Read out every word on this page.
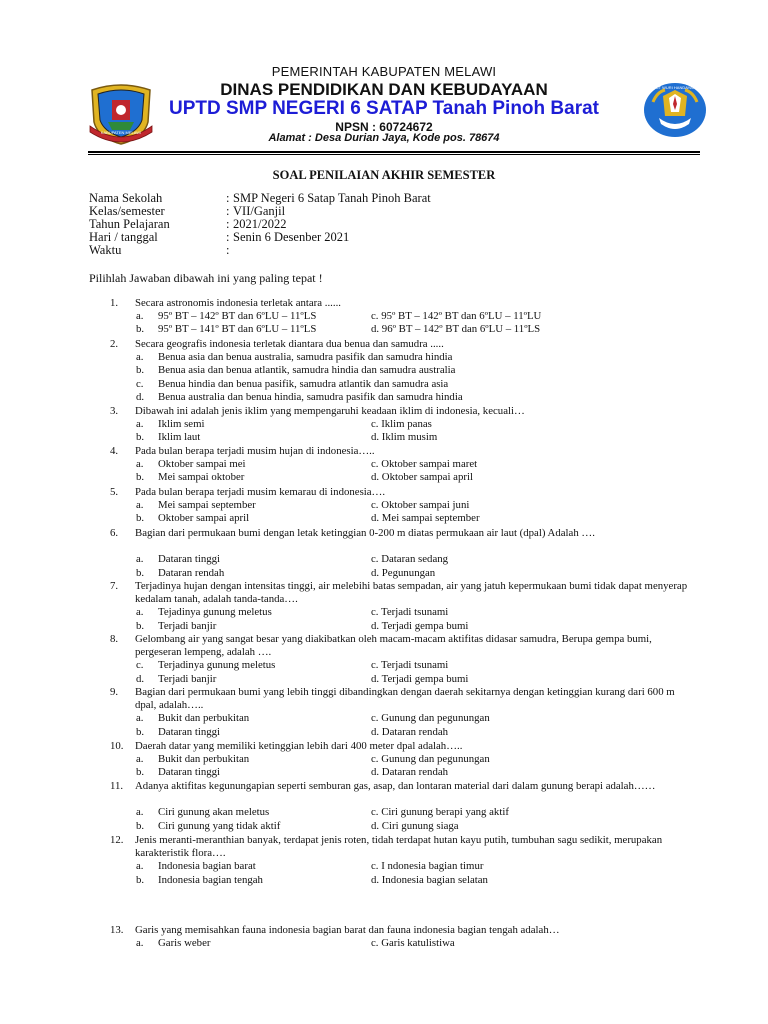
KABUPATEN MELAWI
TUT WURI HANDAYANI
PEMERINTAH KABUPATEN MELAWI
DINAS PENDIDIKAN DAN KEBUDAYAAN
UPTD SMP NEGERI 6 SATAP Tanah Pinoh Barat
NPSN : 60724672
Alamat : Desa Durian Jaya, Kode pos. 78674
SOAL PENILAIAN AKHIR SEMESTER
Nama Sekolah	: SMP Negeri 6 Satap Tanah Pinoh Barat
Kelas/semester	: VII/Ganjil
Tahun Pelajaran	: 2021/2022
Hari / tanggal	: Senin 6 Desenber 2021
Waktu	:
Pilihlah Jawaban dibawah ini yang paling tepat !
1. Secara astronomis indonesia terletak antara ......
a. 95º BT – 142º BT dan 6ºLU – 11ºLS	c. 95º BT – 142º BT dan 6ºLU – 11ºLU
b. 95º BT – 141º BT dan 6ºLU – 11ºLS	d. 96º BT – 142º BT dan 6ºLU – 11ºLS
2. Secara geografis indonesia terletak diantara dua benua dan samudra .....
a. Benua asia dan benua australia, samudra pasifik dan samudra hindia
b. Benua asia dan benua atlantik, samudra hindia dan samudra australia
c. Benua hindia dan benua pasifik, samudra atlantik dan samudra asia
d. Benua australia dan benua hindia, samudra pasifik dan samudra hindia
3. Dibawah ini adalah jenis iklim yang mempengaruhi keadaan iklim di indonesia, kecuali…
a. Iklim semi	c. Iklim panas
b. Iklim laut	d. Iklim musim
4. Pada bulan berapa terjadi musim hujan di indonesia…..
a. Oktober sampai mei	c. Oktober sampai maret
b. Mei sampai oktober	d. Oktober sampai april
5. Pada bulan berapa terjadi musim kemarau di indonesia….
a. Mei sampai september	c. Oktober sampai juni
b. Oktober sampai april	d. Mei sampai september
6. Bagian dari permukaan bumi dengan letak ketinggian 0-200 m diatas permukaan air laut (dpal) Adalah ….
a. Dataran tinggi	c. Dataran sedang
b. Dataran rendah	d. Pegunungan
7. Terjadinya hujan dengan intensitas tinggi, air melebihi batas sempadan, air yang jatuh kepermukaan bumi tidak dapat menyerap kedalam tanah, adalah tanda-tanda….
a. Tejadinya gunung meletus	c. Terjadi tsunami
b. Terjadi banjir	d. Terjadi gempa bumi
8. Gelombang air yang sangat besar yang diakibatkan oleh macam-macam aktifitas didasar samudra, Berupa gempa bumi, pergeseran lempeng, adalah ….
c. Terjadinya gunung meletus	c. Terjadi tsunami
d. Terjadi banjir	d. Terjadi gempa bumi
9. Bagian dari permukaan bumi yang lebih tinggi dibandingkan dengan daerah sekitarnya dengan ketinggian kurang dari 600 m dpal, adalah…..
a. Bukit dan perbukitan	c. Gunung dan pegunungan
b. Dataran tinggi	d. Dataran rendah
10. Daerah datar yang memiliki ketinggian lebih dari 400 meter dpal adalah…..
a. Bukit dan perbukitan	c. Gunung dan pegunungan
b. Dataran tinggi	d. Dataran rendah
11. Adanya aktifitas kegunungapian seperti semburan gas, asap, dan lontaran material dari dalam gunung berapi adalah……
a. Ciri gunung akan meletus	c. Ciri gunung berapi yang aktif
b. Ciri gunung yang tidak aktif	d. Ciri gunung siaga
12. Jenis meranti-meranthian banyak, terdapat jenis roten, tidah terdapat hutan kayu putih, tumbuhan sagu sedikit, merupakan karakteristik flora….
a. Indonesia bagian barat	c. I ndonesia bagian timur
b. Indonesia bagian tengah	d. Indonesia bagian selatan
13. Garis yang memisahkan fauna indonesia bagian barat dan fauna indonesia bagian tengah adalah…
a. Garis weber	c. Garis katulistiwa
